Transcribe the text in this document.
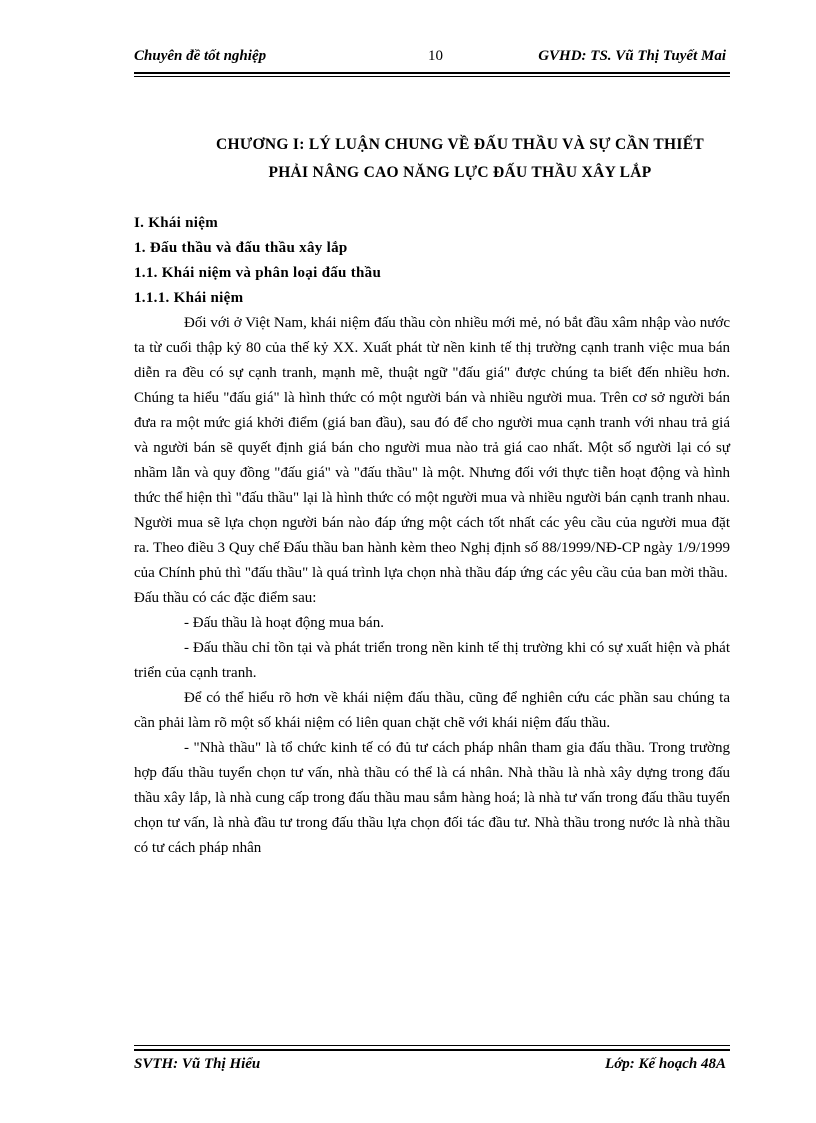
Chuyên đề tốt nghiệp	10	GVHD: TS. Vũ Thị Tuyết Mai
CHƯƠNG I: LÝ LUẬN CHUNG VỀ ĐẤU THẦU VÀ SỰ CẦN THIẾT
PHẢI NÂNG CAO NĂNG LỰC ĐẤU THẦU XÂY LẮP
I. Khái niệm
1. Đấu thầu và đấu thầu xây lắp
1.1. Khái niệm và phân loại đấu thầu
1.1.1. Khái niệm
Đối với ở Việt Nam, khái niệm đấu thầu còn nhiều mới mẻ, nó bắt đầu xâm nhập vào nước ta từ cuối thập kỷ 80 của thế kỷ XX. Xuất phát từ nền kinh tế thị trường cạnh tranh việc mua bán diễn ra đều có sự cạnh tranh, mạnh mẽ, thuật ngữ "đấu giá" được chúng ta biết đến nhiều hơn. Chúng ta hiểu "đấu giá" là hình thức có một người bán và nhiều người mua. Trên cơ sở người bán đưa ra một mức giá khởi điểm (giá ban đầu), sau đó để cho người mua cạnh tranh với nhau trả giá và người bán sẽ quyết định giá bán cho người mua nào trả giá cao nhất. Một số người lại có sự nhầm lẫn và quy đồng "đấu giá" và "đấu thầu" là một. Nhưng đối với thực tiễn hoạt động và hình thức thể hiện thì "đấu thầu" lại là hình thức có một người mua và nhiều người bán cạnh tranh nhau. Người mua sẽ lựa chọn người bán nào đáp ứng một cách tốt nhất các yêu cầu của người mua đặt ra. Theo điều 3 Quy chế Đấu thầu ban hành kèm theo Nghị định số 88/1999/NĐ-CP ngày 1/9/1999 của Chính phủ thì "đấu thầu" là quá trình lựa chọn nhà thầu đáp ứng các yêu cầu của ban mời thầu.
Đấu thầu có các đặc điểm sau:
- Đấu thầu là hoạt động mua bán.
- Đấu thầu chỉ tồn tại và phát triển trong nền kinh tế thị trường khi có sự xuất hiện và phát triển của cạnh tranh.
Để có thể hiểu rõ hơn về khái niệm đấu thầu, cũng để nghiên cứu các phần sau chúng ta cần phải làm rõ một số khái niệm có liên quan chặt chẽ với khái niệm đấu thầu.
- "Nhà thầu" là tổ chức kinh tế có đủ tư cách pháp nhân tham gia đấu thầu. Trong trường hợp đấu thầu tuyển chọn tư vấn, nhà thầu có thể là cá nhân. Nhà thầu là nhà xây dựng trong đấu thầu xây lắp, là nhà cung cấp trong đấu thầu mau sắm hàng hoá; là nhà tư vấn trong đấu thầu tuyển chọn tư vấn, là nhà đầu tư trong đấu thầu lựa chọn đối tác đầu tư. Nhà thầu trong nước là nhà thầu có tư cách pháp nhân
SVTH: Vũ Thị Hiểu	Lớp: Kế hoạch 48A
